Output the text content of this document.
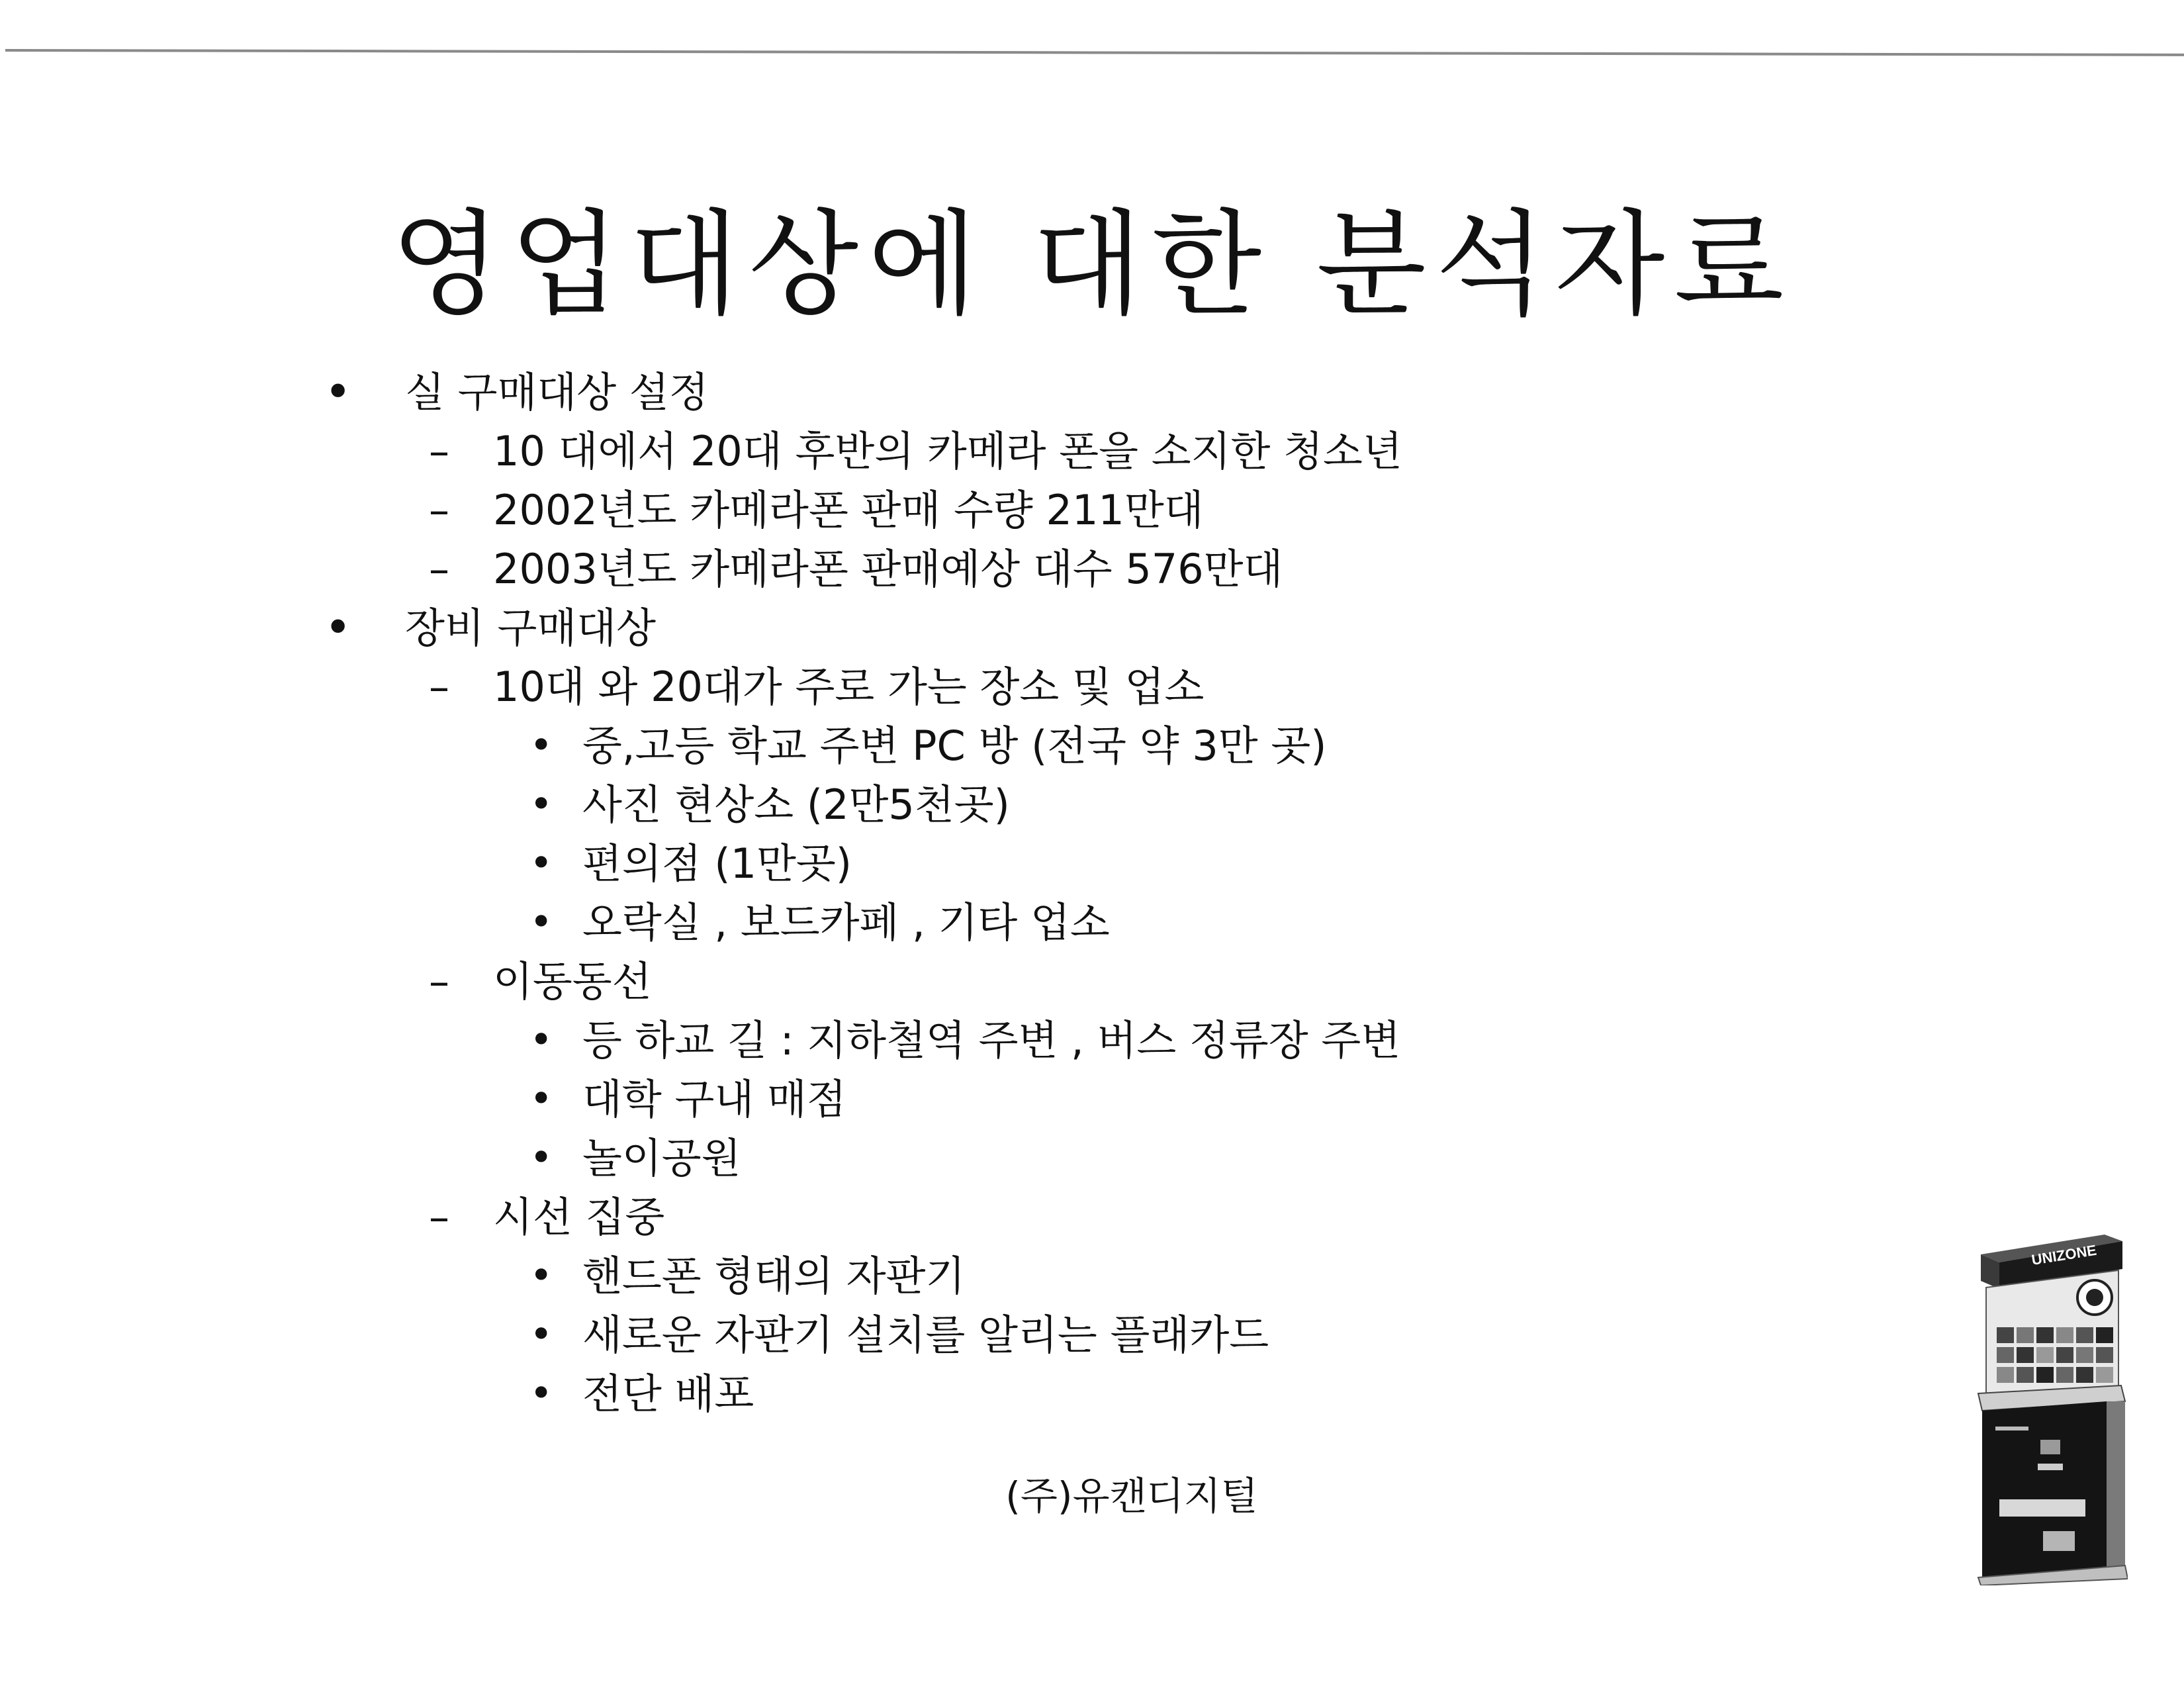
영업대상에 대한 분석자료
• 실 구매대상 설정
– 10 대에서 20대 후반의 카메라 폰을 소지한 청소년
– 2002년도 카메라폰 판매 수량 211만대
– 2003년도 카메라폰 판매예상 대수 576만대
• 장비 구매대상
– 10대 와 20대가 주로 가는 장소 및 업소
• 중,고등 학교 주변 PC 방 (전국 약 3만 곳)
• 사진 현상소 (2만5천곳)
• 편의점 (1만곳)
• 오락실 , 보드카페 , 기타 업소
– 이동동선
• 등 하교 길 : 지하철역 주변 , 버스 정류장 주변
• 대학 구내 매점
• 놀이공원
– 시선 집중
• 핸드폰 형태의 자판기
• 새로운 자판기 설치를 알리는 플래카드
• 전단 배포
(주)유캔디지털
UNIZONE
